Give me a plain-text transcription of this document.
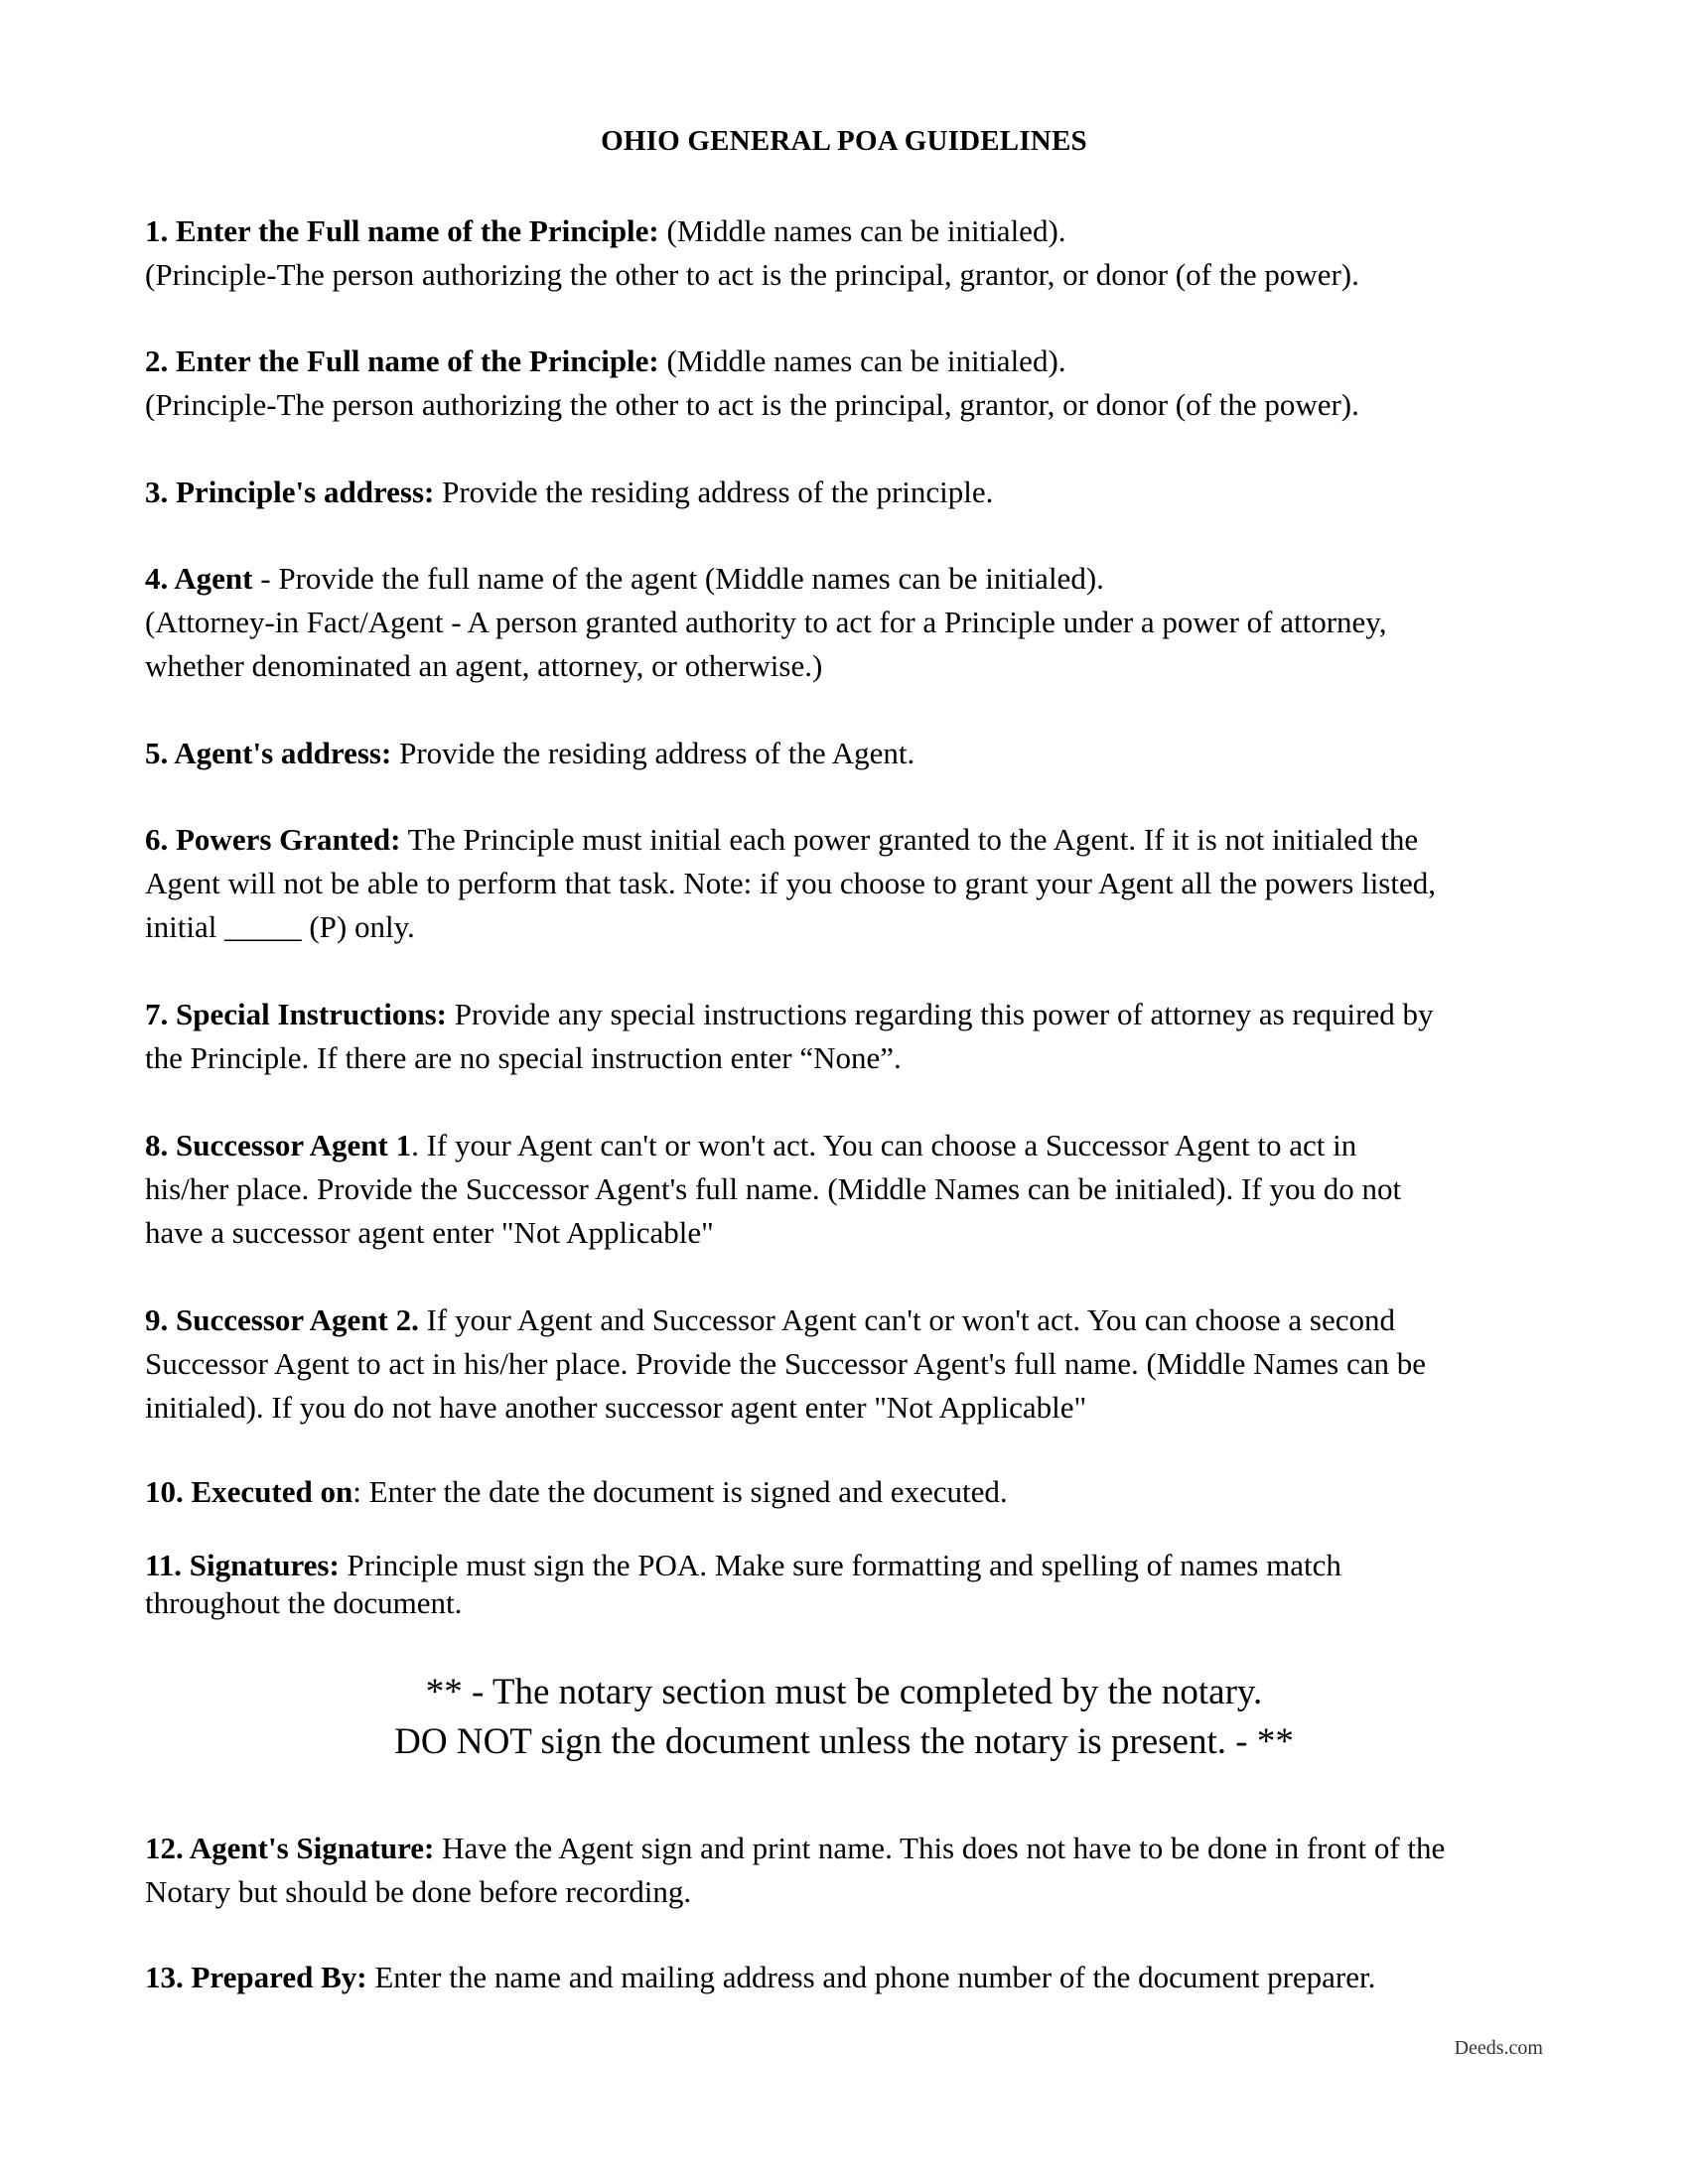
OHIO GENERAL POA GUIDELINES
1. Enter the Full name of the Principle: (Middle names can be initialed).
(Principle-The person authorizing the other to act is the principal, grantor, or donor (of the power).
2. Enter the Full name of the Principle: (Middle names can be initialed).
(Principle-The person authorizing the other to act is the principal, grantor, or donor (of the power).
3. Principle's address: Provide the residing address of the principle.
4. Agent - Provide the full name of the agent (Middle names can be initialed).
(Attorney-in Fact/Agent - A person granted authority to act for a Principle under a power of attorney,
whether denominated an agent, attorney, or otherwise.)
5. Agent's address: Provide the residing address of the Agent.
6. Powers Granted: The Principle must initial each power granted to the Agent. If it is not initialed the
Agent will not be able to perform that task. Note: if you choose to grant your Agent all the powers listed,
initial _____ (P) only.
7. Special Instructions: Provide any special instructions regarding this power of attorney as required by
the Principle. If there are no special instruction enter “None”.
8. Successor Agent 1. If your Agent can't or won't act. You can choose a Successor Agent to act in
his/her place. Provide the Successor Agent's full name. (Middle Names can be initialed). If you do not
have a successor agent enter "Not Applicable"
9. Successor Agent 2. If your Agent and Successor Agent can't or won't act. You can choose a second
Successor Agent to act in his/her place. Provide the Successor Agent's full name. (Middle Names can be
initialed). If you do not have another successor agent enter "Not Applicable"
10. Executed on: Enter the date the document is signed and executed.
11. Signatures: Principle must sign the POA. Make sure formatting and spelling of names match
throughout the document.
** - The notary section must be completed by the notary.
DO NOT sign the document unless the notary is present. - **
12. Agent's Signature: Have the Agent sign and print name. This does not have to be done in front of the
Notary but should be done before recording.
13. Prepared By: Enter the name and mailing address and phone number of the document preparer.
Deeds.com
